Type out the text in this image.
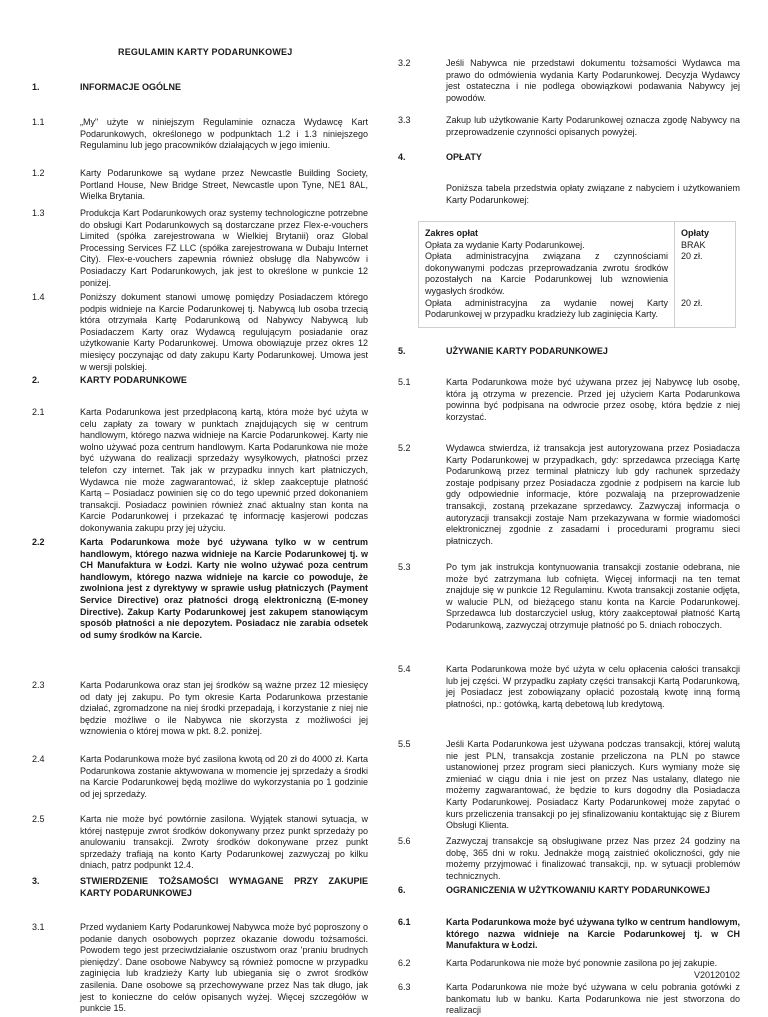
REGULAMIN KARTY PODARUNKOWEJ
1.	INFORMACJE OGÓLNE
1.1	„My" użyte w niniejszym Regulaminie oznacza Wydawcę Kart Podarunkowych, określonego w podpunktach 1.2 i 1.3 niniejszego Regulaminu lub jego pracowników działających w jego imieniu.
1.2	Karty Podarunkowe są wydane przez Newcastle Building Society, Portland House, New Bridge Street, Newcastle upon Tyne, NE1 8AL, Wielka Brytania.
1.3	Produkcja Kart Podarunkowych oraz systemy technologiczne potrzebne do obsługi Kart Podarunkowych są dostarczane przez Flex-e-vouchers Limited (spółka zarejestrowana w Wielkiej Brytanii) oraz Global Processing Services FZ LLC (spółka zarejestrowana w Dubaju Internet City). Flex-e-vouchers zapewnia również obsługę dla Nabywców i Posiadaczy Kart Podarunkowych, jak jest to określone w punkcie 12 poniżej.
1.4	Poniższy dokument stanowi umowę pomiędzy Posiadaczem którego podpis widnieje na Karcie Podarunkowej tj. Nabywcą lub osoba trzecią która otrzymała Kartę Podarunkową od Nabywcy Nabywcą lub Posiadaczem Karty oraz Wydawcą regulującym posiadanie oraz użytkowanie Karty Podarunkowej. Umowa obowiązuje przez okres 12 miesięcy poczynając od daty zakupu Karty Podarunkowej. Umowa jest w wersji polskiej.
2.	KARTY PODARUNKOWE
2.1	Karta Podarunkowa jest przedpłaconą kartą, która może być użyta w celu zapłaty za towary w punktach znajdujących się w centrum handlowym, którego nazwa widnieje na Karcie Podarunkowej. Karty nie wolno używać poza centrum handlowym. Karta Podarunkowa nie może być używana do realizacji sprzedaży wysyłkowych, płatności przez telefon czy internet. Tak jak w przypadku innych kart płatniczych, Wydawca nie może zagwarantować, iż sklep zaakceptuje płatność Kartą – Posiadacz powinien się co do tego upewnić przed dokonaniem transakcji. Posiadacz powinien również znać aktualny stan konta na Karcie Podarunkowej i przekazać tę informację kasjerowi podczas dokonywania zakupu przy jej użyciu.
2.2	Karta Podarunkowa może być używana tylko w w centrum handlowym, którego nazwa widnieje na Karcie Podarunkowej tj. w CH Manufaktura w Łodzi. Karty nie wolno używać poza centrum handlowym, którego nazwa widnieje na karcie co powoduje, że zwolniona jest z dyrektywy w sprawie usług płatniczych (Payment Service Directive) oraz płatności drogą elektroniczną (E-money Directive). Zakup Karty Podarunkowej jest zakupem stanowiącym sposób płatności a nie depozytem. Posiadacz nie zarabia odsetek od sumy środków na Karcie.
2.3	Karta Podarunkowa oraz stan jej środków są ważne przez 12 miesięcy od daty jej zakupu. Po tym okresie Karta Podarunkowa przestanie działać, zgromadzone na niej środki przepadają, i korzystanie z niej nie będzie możliwe o ile Nabywca nie skorzysta z możliwości jej wznowienia o której mowa w pkt. 8.2. poniżej.
2.4	Karta Podarunkowa może być zasilona kwotą od 20 zł do 4000 zł. Karta Podarunkowa zostanie aktywowana w momencie jej sprzedaży a środki na Karcie Podarunkowej będą możliwe do wykorzystania po 1 godzinie od jej sprzedaży.
2.5	Karta nie może być powtórnie zasilona. Wyjątek stanowi sytuacja, w której następuje zwrot środków dokonywany przez punkt sprzedaży po anulowaniu transakcji. Zwroty środków dokonywane przez punkt sprzedaży trafiają na konto Karty Podarunkowej zazwyczaj po kilku dniach, patrz podpunkt 12.4.
3.	STWIERDZENIE TOŻSAMOŚCI WYMAGANE PRZY ZAKUPIE KARTY PODARUNKOWEJ
3.1	Przed wydaniem Karty Podarunkowej Nabywca może być poproszony o podanie danych osobowych poprzez okazanie dowodu tożsamości. Powodem tego jest przeciwdziałanie oszustwom oraz 'praniu brudnych pieniędzy'. Dane osobowe Nabywcy są również pomocne w przypadku zaginięcia lub kradzieży Karty lub ubiegania się o zwrot środków zasilenia. Dane osobowe są przechowywane przez Nas tak długo, jak jest to konieczne do celów opisanych wyżej. Więcej szczegółów w punkcie 15.
3.2	Jeśli Nabywca nie przedstawi dokumentu tożsamości Wydawca ma prawo do odmówienia wydania Karty Podarunkowej. Decyzja Wydawcy jest ostateczna i nie podlega obowiązkowi podawania Nabywcy jej powodów.
3.3	Zakup lub użytkowanie Karty Podarunkowej oznacza zgodę Nabywcy na przeprowadzenie czynności opisanych powyżej.
4.	OPŁATY
Poniższa tabela przedstwia opłaty związane z nabyciem i użytkowaniem Karty Podarunkowej:
Zakres opłat	Opłaty
Opłata za wydanie Karty Podarunkowej.	BRAK
Opłata administracyjna związana z czynnościami dokonywanymi podczas przeprowadzania zwrotu środków pozostałych na Karcie Podarunkowej lub wznowienia wygasłych środków.	20 zł.
Opłata administracyjna za wydanie nowej Karty Podarunkowej w przypadku kradzieży lub zaginięcia Karty.	20 zł.
5.	UŻYWANIE KARTY PODARUNKOWEJ
5.1	Karta Podarunkowa może być używana przez jej Nabywcę lub osobę, która ją otrzyma w prezencie. Przed jej użyciem Karta Podarunkowa powinna być podpisana na odwrocie przez osobę, która będzie z niej korzystać.
5.2	Wydawca stwierdza, iż transakcja jest autoryzowana przez Posiadacza Karty Podarunkowej w przypadkach, gdy: sprzedawca przeciąga Kartę Podarunkową przez terminal płatniczy lub gdy rachunek sprzedaży zostaje podpisany przez Posiadacza zgodnie z podpisem na karcie lub gdy odpowiednie informacje, które pozwalają na przeprowadzenie transakcji, zostaną przekazane sprzedawcy. Zazwyczaj informacja o autoryzacji transakcji zostaje Nam przekazywana w formie wiadomości elektronicznej zgodnie z zasadami i procedurami programu sieci płatniczych.
5.3	Po tym jak instrukcja kontynuowania transakcji zostanie odebrana, nie może być zatrzymana lub cofnięta. Więcej informacji na ten temat znajduje się w punkcie 12 Regulaminu. Kwota transakcji zostanie odjęta, w walucie PLN, od bieżącego stanu konta na Karcie Podarunkowej. Sprzedawca lub dostarczyciel usług, który zaakceptował płatność Kartą Podarunkową, zazwyczaj otrzymuje płatność po 5. dniach roboczych.
5.4	Karta Podarunkowa może być użyta w celu opłacenia całości transakcji lub jej części. W przypadku zapłaty części transakcji Kartą Podarunkową, jej Posiadacz jest zobowiązany opłacić pozostałą kwotę inną formą płatności, np.: gotówką, kartą debetową lub kredytową.
5.5	Jeśli Karta Podarunkowa jest używana podczas transakcji, której walutą nie jest PLN, transakcja zostanie przeliczona na PLN po stawce ustanowionej przez program sieci płaniczych. Kurs wymiany może się zmieniać w ciągu dnia i nie jest on przez Nas ustalany, dlatego nie możemy zagwarantować, że będzie to kurs dogodny dla Posiadacza Karty Podarunkowej. Posiadacz Karty Podarunkowej może zapytać o kurs przeliczenia transakcji po jej sfinalizowaniu kontaktując się z Biurem Obsługi Klienta.
5.6	Zazwyczaj transakcje są obsługiwane przez Nas przez 24 godziny na dobę, 365 dni w roku. Jednakże mogą zaistnieć okoliczności, gdy nie możemy przyjmować i finalizować transakcji, np. w sytuacji problemów technicznych.
6.	OGRANICZENIA W UŻYTKOWANIU KARTY PODARUNKOWEJ
6.1	Karta Podarunkowa może być używana tylko w centrum handlowym, którego nazwa widnieje na Karcie Podarunkowej tj. w CH Manufaktura w Łodzi.
6.2	Karta Podarunkowa nie może być ponownie zasilona po jej zakupie.
6.3	Karta Podarunkowa nie może być używana w celu pobrania gotówki z bankomatu lub w banku. Karta Podarunkowa nie jest stworzona do realizacji
V20120102
